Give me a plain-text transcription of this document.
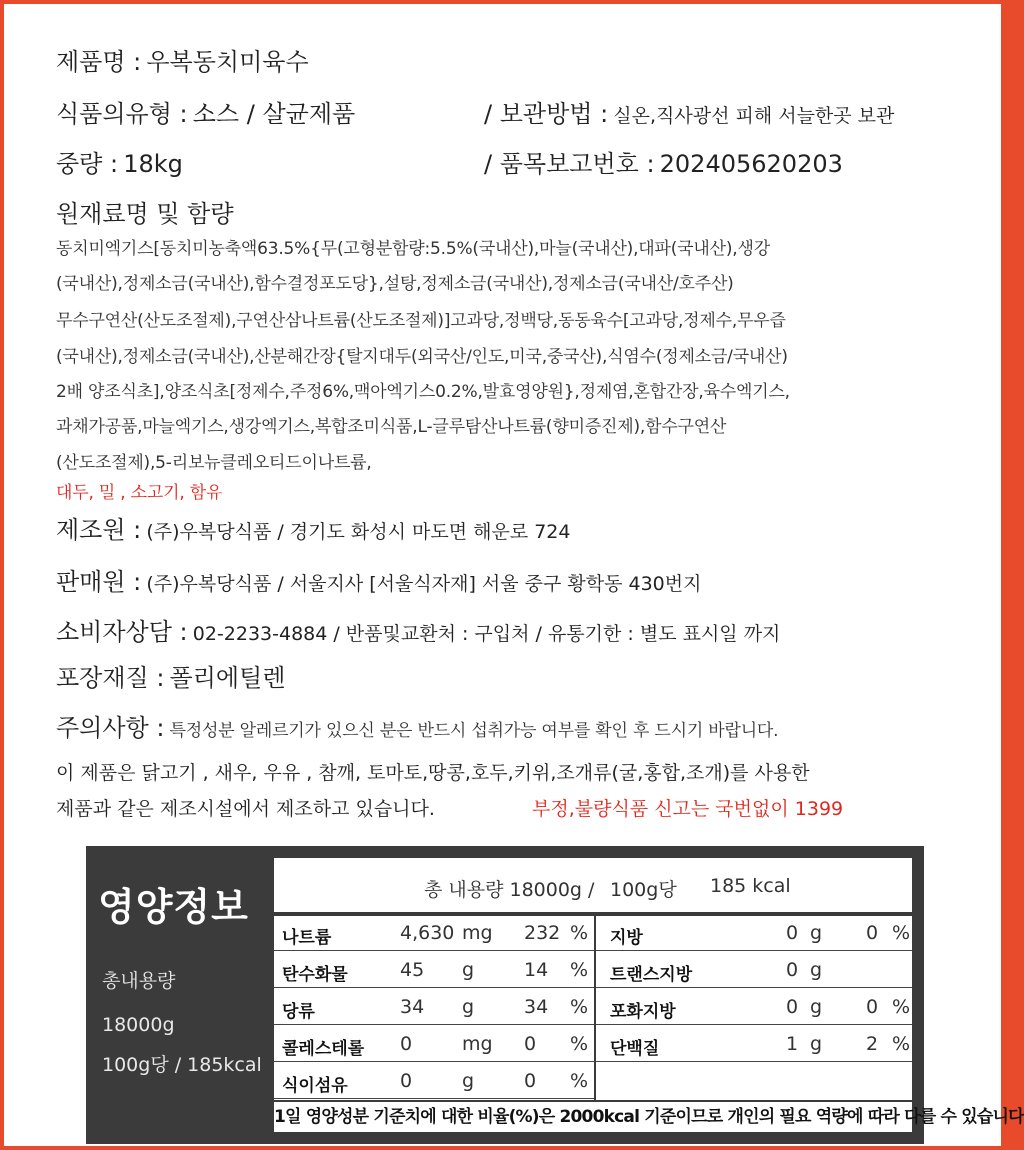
제품명 : 우복동치미육수
식품의유형 : 소스 / 살균제품	/ 보관방법 : 실온,직사광선 피해 서늘한곳 보관
중량 : 18kg	/ 품목보고번호 : 202405620203
원재료명 및 함량
동치미엑기스[동치미농축액63.5%{무(고형분함량:5.5%(국내산),마늘(국내산),대파(국내산),생강
(국내산),정제소금(국내산),함수결정포도당},설탕,정제소금(국내산),정제소금(국내산/호주산)
무수구연산(산도조절제),구연산삼나트륨(산도조절제)]고과당,정백당,동동육수[고과당,정제수,무우즙
(국내산),정제소금(국내산),산분해간장{탈지대두(외국산/인도,미국,중국산),식염수(정제소금/국내산)
2배 양조식초],양조식초[정제수,주정6%,맥아엑기스0.2%,발효영양원},정제염,혼합간장,육수엑기스,
과채가공품,마늘엑기스,생강엑기스,복합조미식품,L-글루탐산나트륨(향미증진제),함수구연산
(산도조절제),5-리보뉴클레오티드이나트륨,
대두, 밀 , 소고기, 함유
제조원 : (주)우복당식품 / 경기도 화성시 마도면 해운로 724
판매원 : (주)우복당식품 / 서울지사 [서울식자재] 서울 중구 황학동 430번지
소비자상담 : 02-2233-4884 / 반품및교환처 : 구입처 / 유통기한 : 별도 표시일 까지
포장재질 : 폴리에틸렌
주의사항 : 특정성분 알레르기가 있으신 분은 반드시 섭취가능 여부를 확인 후 드시기 바랍니다.
이 제품은 닭고기 , 새우, 우유 , 참깨, 토마토,땅콩,호두,키위,조개류(굴,홍합,조개)를 사용한
제품과 같은 제조시설에서 제조하고 있습니다.	부정,불량식품 신고는 국번없이 1399
영양정보
총내용량
18000g
100g당 / 185kcal
총 내용량 18000g / 100g당 185 kcal
나트륨	4,630 mg 232 %
탄수화물	45 g	14 %
당류	34 g	34 %
콜레스테롤 0	mg 0 %
식이섬유	0	g	0 %
지방	0 g 0 %
트랜스지방	0 g
포화지방	0 g 0 %
단백질	1 g 2 %
1일 영양성분 기준치에 대한 비율(%)은 2000kcal 기준이므로 개인의 필요 역량에 따라 다를 수 있습니다
